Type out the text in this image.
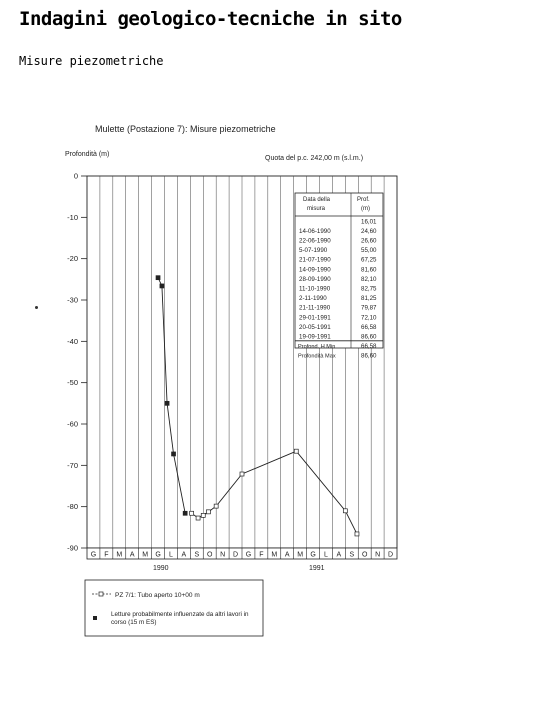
Indagini geologico-tecniche in sito

Misure piezometriche

Mulette (Postazione 7): Misure piezometriche
Profondità (m)
Quota del p.c. 242,00 m (s.l.m.)
0
-10
-20
-30
-40
-50
-60
-70
-80
-90
G F M A M G L A S O N D G F M A M G L A S O N D
1990	1991
Data della
misura
Prof.
(m)
16,01
14-06-1990	24,60
22-06-1990	26,60
5-07-1990	55,00
21-07-1990	67,25
14-09-1990	81,60
28-09-1990	82,10
11-10-1990	82,75
2-11-1990	81,25
21-11-1990	79,87
29-01-1991	72,10
20-05-1991	66,58
19-09-1991	86,60
Profond. H Min	66,58
Profondità Max	86,60
PZ 7/1: Tubo aperto 10+00 m
Letture probabilmente influenzate da altri lavori in corso (15 m ES)
